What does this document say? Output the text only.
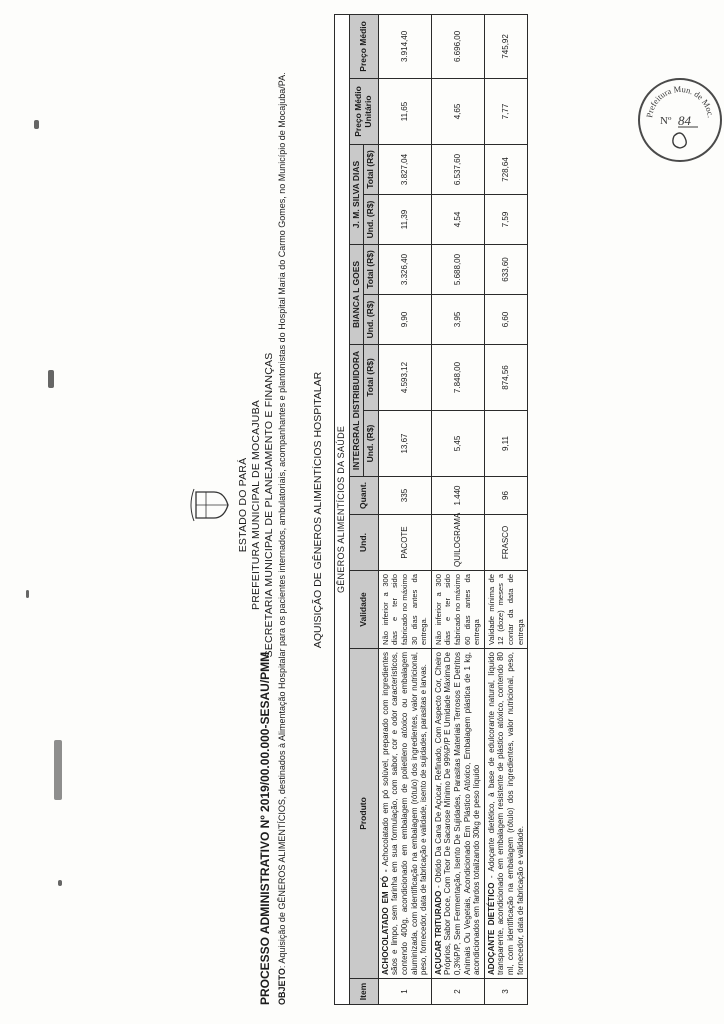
ESTADO DO PARÁ PREFEITURA MUNICIPAL DE MOCAJUBA SECRETARIA MUNICIPAL DE PLANEJAMENTO E FINANÇAS
PROCESSO ADMINISTRATIVO Nº 2019/00.00.000-SESAU/PMM OBJETO: Aquisição de GÊNEROS ALIMENTÍCIOS, destinados à Alimentação Hospitalar para os pacientes internados, ambulatoriais, acompanhantes e plantonistas do Hospital Maria do Carmo Gomes, no Município de Mocajuba/PA. AQUISIÇÃO DE GÊNEROS ALIMENTÍCIOS HOSPITALAR GÊNEROS ALIMENTÍCIOS DA SAÚDE												
Item	Produto	Validade	Und.	Quant.	INTERGRAL DISTRIBUIDORA		BIANCA L GOES		J. M. SILVA DIAS		Preço Médio Unitário	Preço Médio
					Und. (R$)	Total (R$)	Und. (R$)	Total (R$)	Und. (R$)	Total (R$)		
1	ACHOCOLATADO EM PÓ - Achocolatado em pó solúvel, preparado com ingredientes sãos e limpo, sem farinha em sua formulação, com sabor, cor e odor característicos, contendo 400g, acondicionado em embalagem de polietileno atóxico ou embalagem aluminizada, com identificação na embalagem (rótulo) dos ingredientes, valor nutricional, peso, fornecedor, data de fabricação e validade, isento de sujidades, parasitas e larvas.	Não inferior a 300 dias e ter sido fabricado no máximo 30 dias antes da entrega.	PACOTE	335	13,67	4.593,12	9,90	3.326,40	11,39	3.827,04	11,65	3.914,40
2	AÇUCAR TRITURADO - Obtido Da Cana De Açúcar, Refinado, Com Aspecto Cor, Cheiro Próprios, Sabor Doce, Com Teor De Sacarose Mínimo De 99%P/P E Umidade Máxima De 0,3%P/P, Sem Fermentação, Isento De Sujidades, Parasitas Materiais Terrosos E Detritos Animais Ou Vegetais, Acondicionado Em Plástico Atóxico, Embalagem plástica de 1 kg, acondicionados em fardos totalizando 30kg de peso líquido	Não inferior a 300 dias e ter sido fabricado no máximo 60 dias antes da entrega	QUILOGRAMA	1.440	5,45	7.848,00	3,95	5.688,00	4,54	6.537,60	4,65	6.696,00
3	ADOÇANTE DIETÉTICO - Adoçante dietético, à base de edulcorante natural, líquido transparente, acondicionado em embalagem resistente de plástico atóxico, contendo 80 ml, com identificação na embalagem (rótulo) dos ingredientes, valor nutricional, peso, fornecedor, data de fabricação e validade.	Validade mínima de 12 (doze) meses a contar da data de entrega	FRASCO	96	9,11	874,56	6,60	633,60	7,59	728,64	7,77	745,92
Prefeitura Mun. de Moc.
Nº 84
